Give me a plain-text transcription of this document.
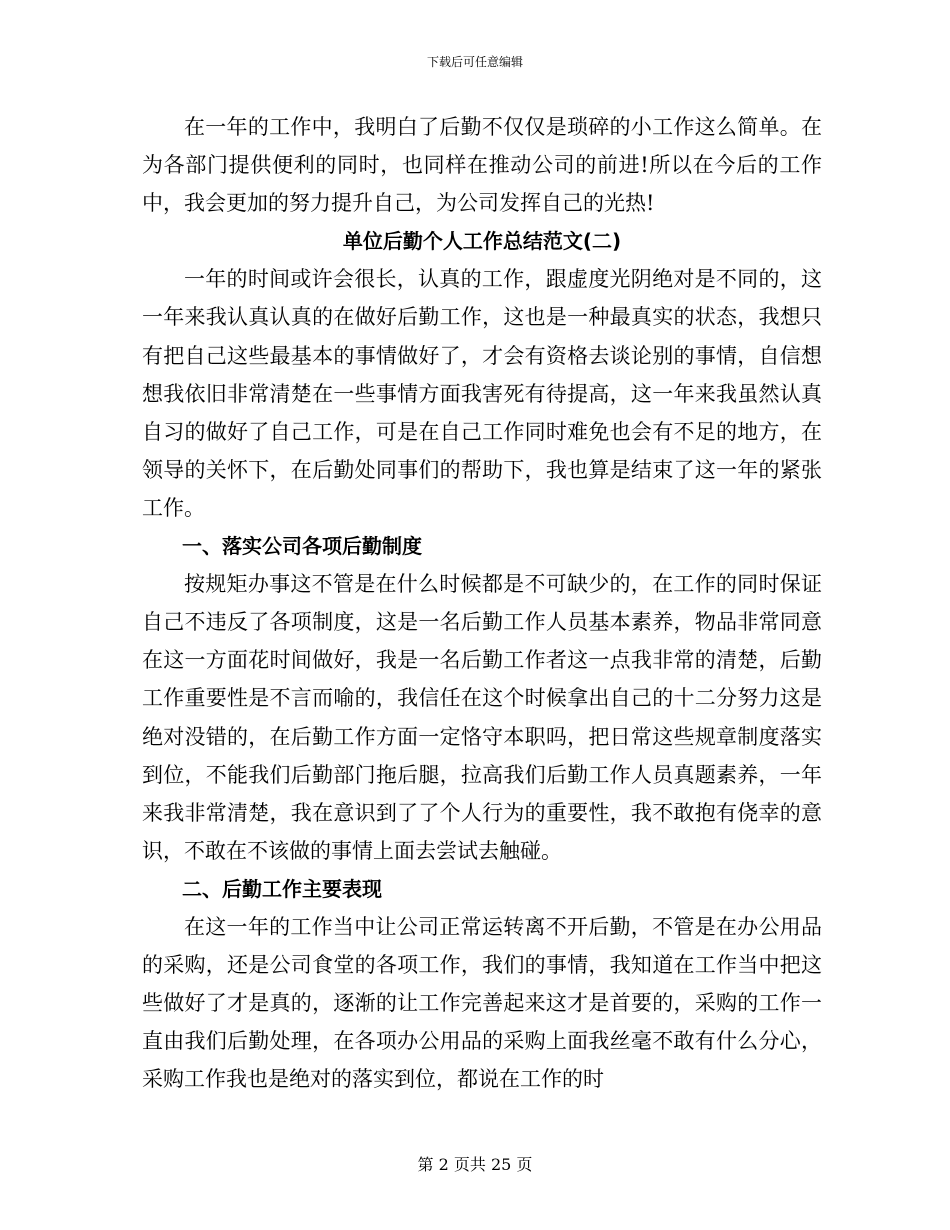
下载后可任意编辑

在一年的工作中，我明白了后勤不仅仅是琐碎的小工作这么简单。在为各部门提供便利的同时，也同样在推动公司的前进!所以在今后的工作中，我会更加的努力提升自己，为公司发挥自己的光热!

单位后勤个人工作总结范文(二)

一年的时间或许会很长，认真的工作，跟虚度光阴绝对是不同的，这一年来我认真认真的在做好后勤工作，这也是一种最真实的状态，我想只有把自己这些最基本的事情做好了，才会有资格去谈论别的事情，自信想想我依旧非常清楚在一些事情方面我害死有待提高，这一年来我虽然认真自习的做好了自己工作，可是在自己工作同时难免也会有不足的地方，在领导的关怀下，在后勤处同事们的帮助下，我也算是结束了这一年的紧张工作。

一、落实公司各项后勤制度

按规矩办事这不管是在什么时候都是不可缺少的，在工作的同时保证自己不违反了各项制度，这是一名后勤工作人员基本素养，物品非常同意在这一方面花时间做好，我是一名后勤工作者这一点我非常的清楚，后勤工作重要性是不言而喻的，我信任在这个时候拿出自己的十二分努力这是绝对没错的，在后勤工作方面一定恪守本职吗，把日常这些规章制度落实到位，不能我们后勤部门拖后腿，拉高我们后勤工作人员真题素养，一年来我非常清楚，我在意识到了了个人行为的重要性，我不敢抱有侥幸的意识，不敢在不该做的事情上面去尝试去触碰。

二、后勤工作主要表现

在这一年的工作当中让公司正常运转离不开后勤，不管是在办公用品的采购，还是公司食堂的各项工作，我们的事情，我知道在工作当中把这些做好了才是真的，逐渐的让工作完善起来这才是首要的，采购的工作一直由我们后勤处理，在各项办公用品的采购上面我丝毫不敢有什么分心，采购工作我也是绝对的落实到位，都说在工作的时

第 2 页共 25 页
